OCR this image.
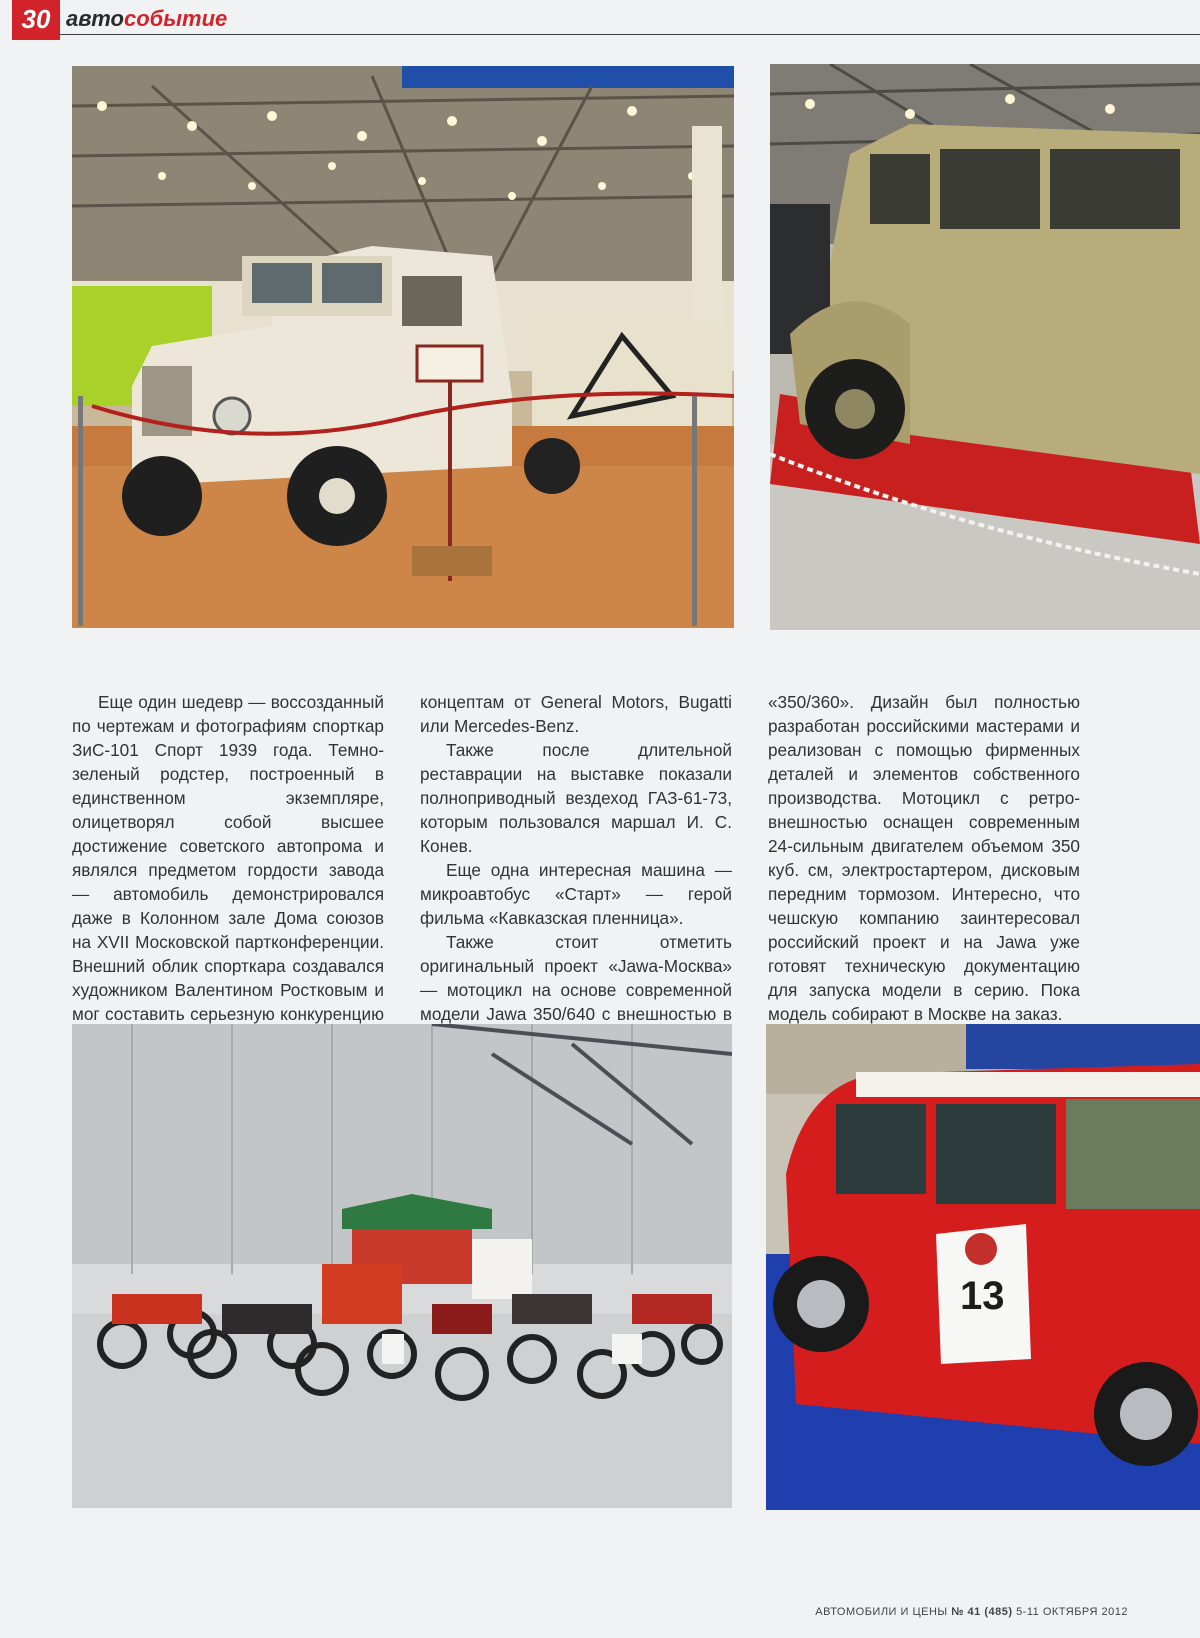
30 автособытие

Еще один шедевр — воссозданный по чертежам и фотографиям спорткар ЗиС-101 Спорт 1939 года. Темно-зеленый родстер, построенный в единственном экземпляре, олицетворял собой высшее достижение советского автопрома и являлся предметом гордости завода — автомобиль демонстрировался даже в Колонном зале Дома союзов на XVII Московской партконференции. Внешний облик спорткара создавался художником Валентином Ростковым и мог составить серьезную конкуренцию

концептам от General Motors, Bugatti или Mercedes-Benz.

Также после длительной реставрации на выставке показали полноприводный вездеход ГАЗ-61-73, которым пользовался маршал И. С. Конев.

Еще одна интересная машина — микроавтобус «Старт» — герой фильма «Кавказская пленница».

Также стоит отметить оригинальный проект «Jawa-Москва» — мотоцикл на основе современной модели Jawa 350/640 с внешностью в

«350/360». Дизайн был полностью разработан российскими мастерами и реализован с помощью фирменных деталей и элементов собственного производства. Мотоцикл с ретро-внешностью оснащен современным 24-сильным двигателем объемом 350 куб. см, электростартером, дисковым передним тормозом. Интересно, что чешскую компанию заинтересовал российский проект и на Jawa уже готовят техническую документацию для запуска модели в серию. Пока модель собирают в Москве на заказ.

13
АВТОМОБИЛИ И ЦЕНЫ № 41 (485) 5-11 ОКТЯБРЯ 2012
